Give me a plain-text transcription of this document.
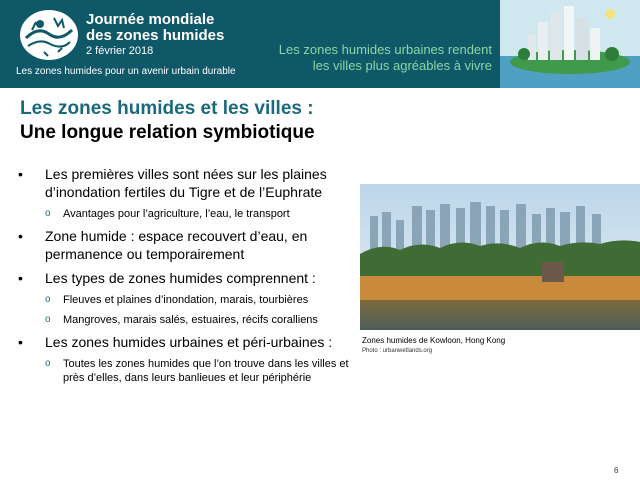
Journée mondiale
des zones humides
2 février 2018
Les zones humides pour un avenir urbain durable
Les zones humides urbaines rendent
les villes plus agréables à vivre
Les zones humides et les villes :
Une longue relation symbiotique
• Les premières villes sont nées sur les plaines d’inondation fertiles du Tigre et de l’Euphrate
o Avantages pour l’agriculture, l’eau, le transport
• Zone humide : espace recouvert d’eau, en permanence ou temporairement
• Les types de zones humides comprennent :
o Fleuves et plaines d’inondation, marais, tourbières
o Mangroves, marais salés, estuaires, récifs coralliens
• Les zones humides urbaines et péri-urbaines :
o Toutes les zones humides que l’on trouve dans les villes et près d’elles, dans leurs banlieues et leur périphérie
Zones humides de Kowloon, Hong Kong
Photo : urbanwetlands.org
6
